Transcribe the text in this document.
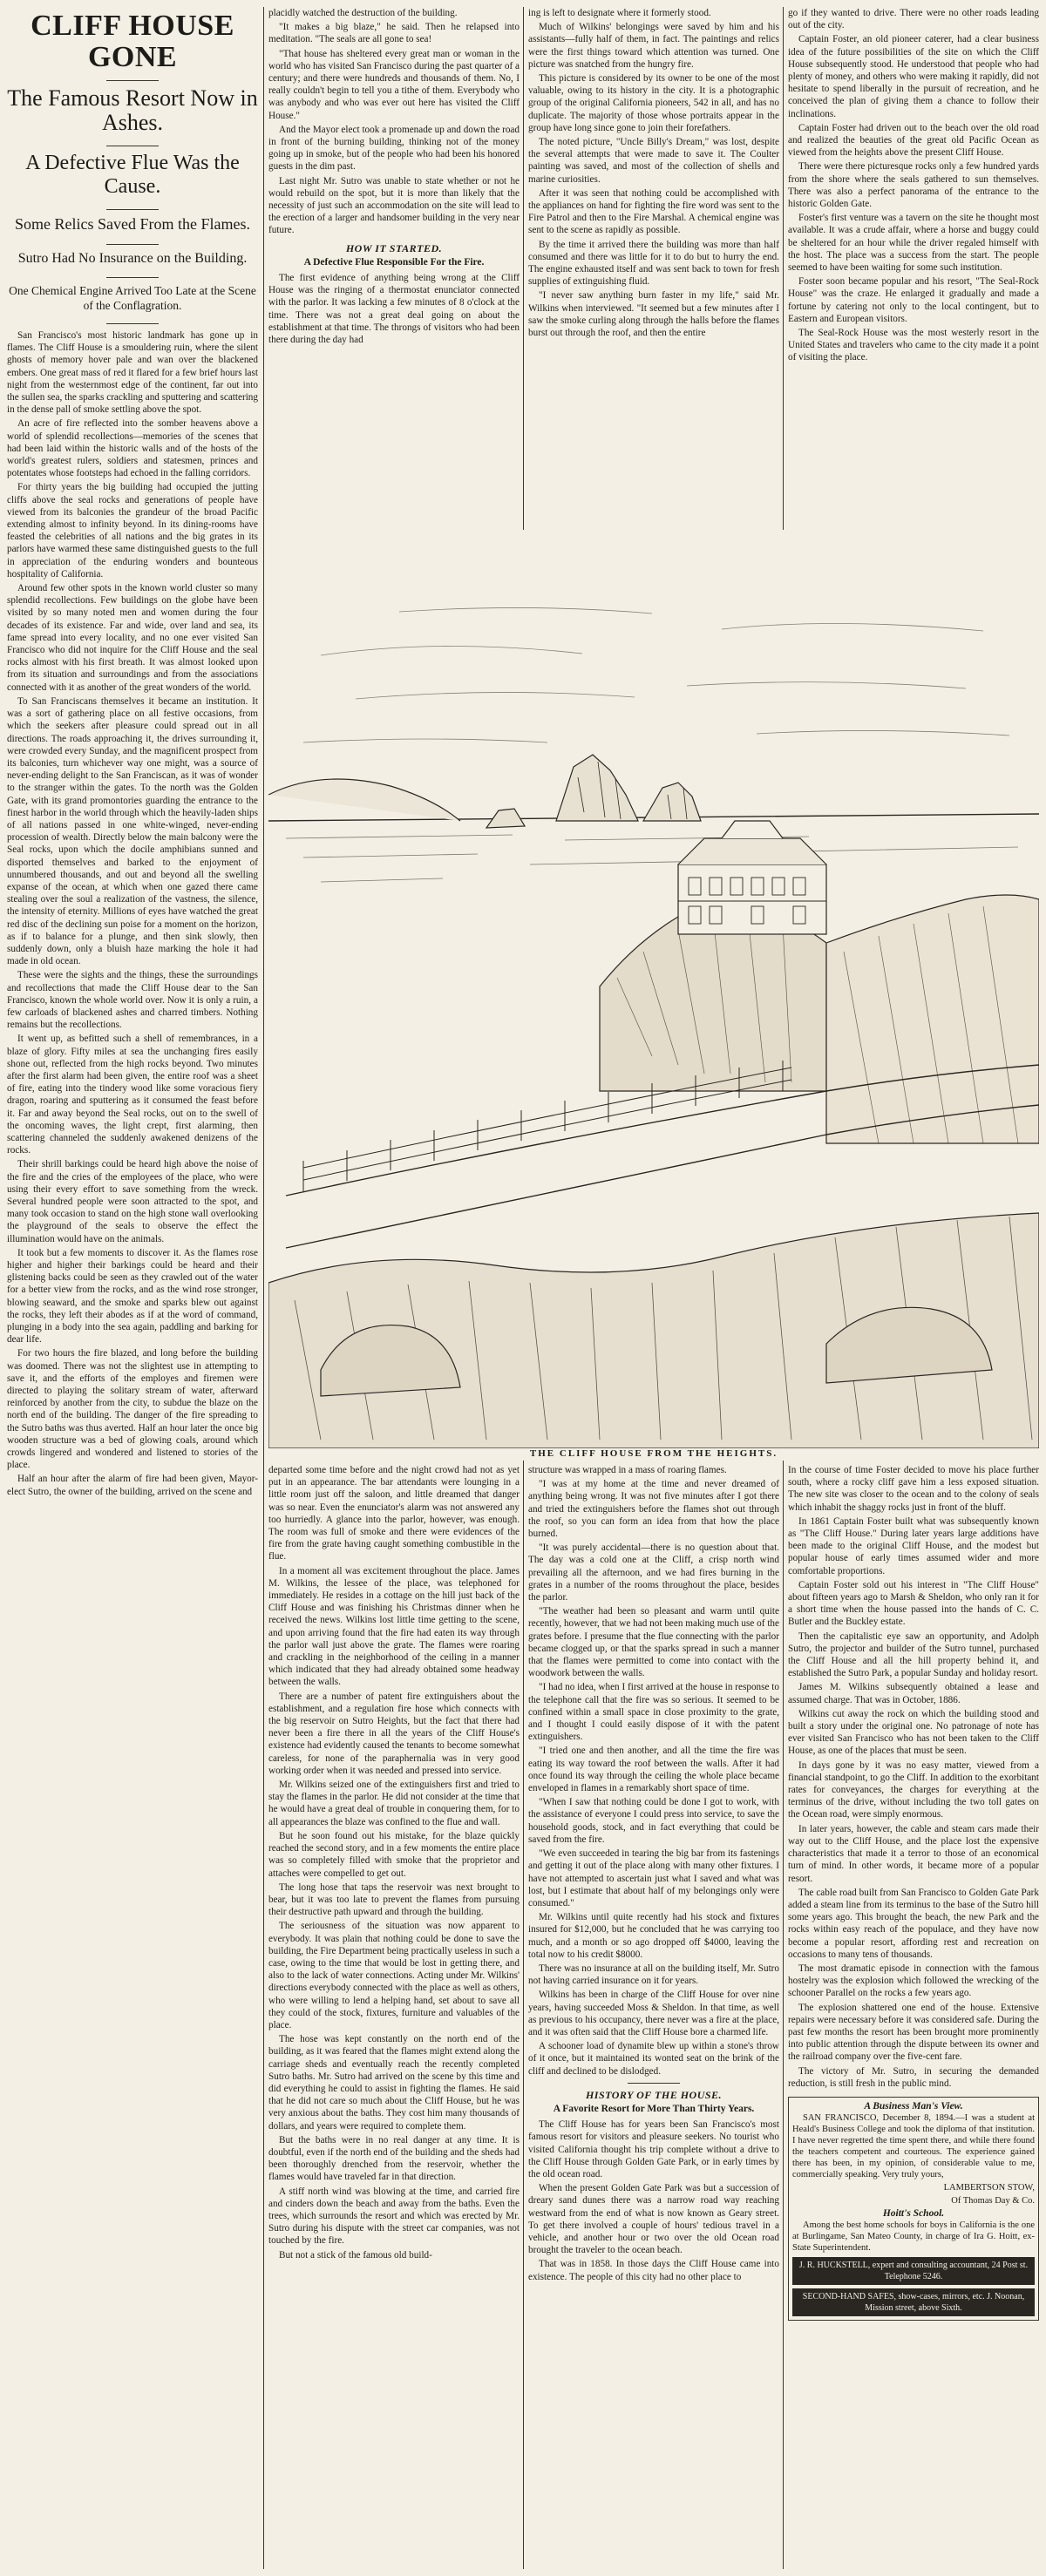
CLIFF HOUSE GONE
The Famous Resort Now in Ashes.
A Defective Flue Was the Cause.
Some Relics Saved From the Flames.
Sutro Had No Insurance on the Building.
One Chemical Engine Arrived Too Late at the Scene of the Conflagration.

San Francisco's most historic landmark has gone up in flames. The Cliff House is a smouldering ruin, where the silent ghosts of memory hover pale and wan over the blackened embers. One great mass of red it flared for a few brief hours last night from the westernmost edge of the continent, far out into the sullen sea, the sparks crackling and sputtering and scattering in the dense pall of smoke settling above the spot.

An acre of fire reflected into the somber heavens above a world of splendid recollections—memories of the scenes that had been laid within the historic walls and of the hosts of the world's greatest rulers, soldiers and statesmen, princes and potentates whose footsteps had echoed in the falling corridors.

For thirty years the big building had occupied the jutting cliffs above the seal rocks and generations of people have viewed from its balconies the grandeur of the broad Pacific extending almost to infinity beyond. In its dining-rooms have feasted the celebrities of all nations and the big grates in its parlors have warmed these same distinguished guests to the full in appreciation of the enduring wonders and bounteous hospitality of California.

Around few other spots in the known world cluster so many splendid recollections. Few buildings on the globe have been visited by so many noted men and women during the four decades of its existence. Far and wide, over land and sea, its fame spread into every locality, and no one ever visited San Francisco who did not inquire for the Cliff House and the seal rocks almost with his first breath. It was almost looked upon from its situation and surroundings and from the associations connected with it as another of the great wonders of the world.

To San Franciscans themselves it became an institution. It was a sort of gathering place on all festive occasions, from which the seekers after pleasure could spread out in all directions. The roads approaching it, the drives surrounding it, were crowded every Sunday, and the magnificent prospect from its balconies, turn whichever way one might, was a source of never-ending delight to the San Franciscan, as it was of wonder to the stranger within the gates. To the north was the Golden Gate, with its grand promontories guarding the entrance to the finest harbor in the world through which the heavily-laden ships of all nations passed in one white-winged, never-ending procession of wealth. Directly below the main balcony were the Seal rocks, upon which the docile amphibians sunned and disported themselves and barked to the enjoyment of unnumbered thousands, and out and beyond all the swelling expanse of the ocean, at which when one gazed there came stealing over the soul a realization of the vastness, the silence, the intensity of eternity. Millions of eyes have watched the great red disc of the declining sun poise for a moment on the horizon, as if to balance for a plunge, and then sink slowly, then suddenly down, only a bluish haze marking the hole it had made in old ocean.

These were the sights and the things, these the surroundings and recollections that made the Cliff House dear to the San Francisco, known the whole world over. Now it is only a ruin, a few carloads of blackened ashes and charred timbers. Nothing remains but the recollections.

It went up, as befitted such a shell of remembrances, in a blaze of glory. Fifty miles at sea the unchanging fires easily shone out, reflected from the high rocks beyond. Two minutes after the first alarm had been given, the entire roof was a sheet of fire, eating into the tindery wood like some voracious fiery dragon, roaring and sputtering as it consumed the feast before it. Far and away beyond the Seal rocks, out on to the swell of the oncoming waves, the light crept, first alarming, then scattering channeled the suddenly awakened denizens of the rocks.

Their shrill barkings could be heard high above the noise of the fire and the cries of the employees of the place, who were using their every effort to save something from the wreck. Several hundred people were soon attracted to the spot, and many took occasion to stand on the high stone wall overlooking the playground of the seals to observe the effect the illumination would have on the animals.

It took but a few moments to discover it. As the flames rose higher and higher their barkings could be heard and their glistening backs could be seen as they crawled out of the water for a better view from the rocks, and as the wind rose stronger, blowing seaward, and the smoke and sparks blew out against the rocks, they left their abodes as if at the word of command, plunging in a body into the sea again, paddling and barking for dear life.

For two hours the fire blazed, and long before the building was doomed. There was not the slightest use in attempting to save it, and the efforts of the employes and firemen were directed to playing the solitary stream of water, afterward reinforced by another from the city, to subdue the blaze on the north end of the building. The danger of the fire spreading to the Sutro baths was thus averted. Half an hour later the once big wooden structure was a bed of glowing coals, around which crowds lingered and wondered and listened to stories of the place.

Half an hour after the alarm of fire had been given, Mayor-elect Sutro, the owner of the building, arrived on the scene and

placidly watched the destruction of the building.

"It makes a big blaze," he said. Then he relapsed into meditation. "The seals are all gone to sea!

"That house has sheltered every great man or woman in the world who has visited San Francisco during the past quarter of a century; and there were hundreds and thousands of them. No, I really couldn't begin to tell you a tithe of them. Everybody who was anybody and who was ever out here has visited the Cliff House."

And the Mayor elect took a promenade up and down the road in front of the burning building, thinking not of the money going up in smoke, but of the people who had been his honored guests in the dim past.

Last night Mr. Sutro was unable to state whether or not he would rebuild on the spot, but it is more than likely that the necessity of just such an accommodation on the site will lead to the erection of a larger and handsomer building in the very near future.

HOW IT STARTED.
A Defective Flue Responsible For the Fire.

The first evidence of anything being wrong at the Cliff House was the ringing of a thermostat enunciator connected with the parlor. It was lacking a few minutes of 8 o'clock at the time. There was not a great deal going on about the establishment at that time. The throngs of visitors who had been there during the day had

ing is left to designate where it formerly stood.

Much of Wilkins' belongings were saved by him and his assistants—fully half of them, in fact. The paintings and relics were the first things toward which attention was turned. One picture was snatched from the hungry fire.

This picture is considered by its owner to be one of the most valuable, owing to its history in the city. It is a photographic group of the original California pioneers, 542 in all, and has no duplicate. The majority of those whose portraits appear in the group have long since gone to join their forefathers.

The noted picture, "Uncle Billy's Dream," was lost, despite the several attempts that were made to save it. The Coulter painting was saved, and most of the collection of shells and marine curiosities.

After it was seen that nothing could be accomplished with the appliances on hand for fighting the fire word was sent to the Fire Patrol and then to the Fire Marshal. A chemical engine was sent to the scene as rapidly as possible.

By the time it arrived there the building was more than half consumed and there was little for it to do but to hurry the end. The engine exhausted itself and was sent back to town for fresh supplies of extinguishing fluid.

"I never saw anything burn faster in my life," said Mr. Wilkins when interviewed. "It seemed but a few minutes after I saw the smoke curling along through the halls before the flames burst out through the roof, and then the entire

go if they wanted to drive. There were no other roads leading out of the city.

Captain Foster, an old pioneer caterer, had a clear business idea of the future possibilities of the site on which the Cliff House subsequently stood. He understood that people who had plenty of money, and others who were making it rapidly, did not hesitate to spend liberally in the pursuit of recreation, and he conceived the plan of giving them a chance to follow their inclinations.

Captain Foster had driven out to the beach over the old road and realized the beauties of the great old Pacific Ocean as viewed from the heights above the present Cliff House.

There were there picturesque rocks only a few hundred yards from the shore where the seals gathered to sun themselves. There was also a perfect panorama of the entrance to the historic Golden Gate.

Foster's first venture was a tavern on the site he thought most available. It was a crude affair, where a horse and buggy could be sheltered for an hour while the driver regaled himself with the host. The place was a success from the start. The people seemed to have been waiting for some such institution.

Foster soon became popular and his resort, "The Seal-Rock House" was the craze. He enlarged it gradually and made a fortune by catering not only to the local contingent, but to Eastern and European visitors.

The Seal-Rock House was the most westerly resort in the United States and travelers who came to the city made it a point of visiting the place.

THE CLIFF HOUSE FROM THE HEIGHTS.

departed some time before and the night crowd had not as yet put in an appearance. The bar attendants were lounging in a little room just off the saloon, and little dreamed that danger was so near. Even the enunciator's alarm was not answered any too hurriedly. A glance into the parlor, however, was enough. The room was full of smoke and there were evidences of the fire from the grate having caught something combustible in the flue.

In a moment all was excitement throughout the place. James M. Wilkins, the lessee of the place, was telephoned for immediately. He resides in a cottage on the hill just back of the Cliff House and was finishing his Christmas dinner when he received the news. Wilkins lost little time getting to the scene, and upon arriving found that the fire had eaten its way through the parlor wall just above the grate. The flames were roaring and crackling in the neighborhood of the ceiling in a manner which indicated that they had already obtained some headway between the walls.

There are a number of patent fire extinguishers about the establishment, and a regulation fire hose which connects with the big reservoir on Sutro Heights, but the fact that there had never been a fire there in all the years of the Cliff House's existence had evidently caused the tenants to become somewhat careless, for none of the paraphernalia was in very good working order when it was needed and pressed into service.

Mr. Wilkins seized one of the extinguishers first and tried to stay the flames in the parlor. He did not consider at the time that he would have a great deal of trouble in conquering them, for to all appearances the blaze was confined to the flue and wall.

But he soon found out his mistake, for the blaze quickly reached the second story, and in a few moments the entire place was so completely filled with smoke that the proprietor and attaches were compelled to get out.

The long hose that taps the reservoir was next brought to bear, but it was too late to prevent the flames from pursuing their destructive path upward and through the building.

The seriousness of the situation was now apparent to everybody. It was plain that nothing could be done to save the building, the Fire Department being practically useless in such a case, owing to the time that would be lost in getting there, and also to the lack of water connections. Acting under Mr. Wilkins' directions everybody connected with the place as well as others, who were willing to lend a helping hand, set about to save all they could of the stock, fixtures, furniture and valuables of the place.

The hose was kept constantly on the north end of the building, as it was feared that the flames might extend along the carriage sheds and eventually reach the recently completed Sutro baths. Mr. Sutro had arrived on the scene by this time and did everything he could to assist in fighting the flames. He said that he did not care so much about the Cliff House, but he was very anxious about the baths. They cost him many thousands of dollars, and years were required to complete them.

But the baths were in no real danger at any time. It is doubtful, even if the north end of the building and the sheds had been thoroughly drenched from the reservoir, whether the flames would have traveled far in that direction.

A stiff north wind was blowing at the time, and carried fire and cinders down the beach and away from the baths. Even the trees, which surrounds the resort and which was erected by Mr. Sutro during his dispute with the street car companies, was not touched by the fire.

But not a stick of the famous old build-

structure was wrapped in a mass of roaring flames.

"I was at my home at the time and never dreamed of anything being wrong. It was not five minutes after I got there and tried the extinguishers before the flames shot out through the roof, so you can form an idea from that how the place burned.

"It was purely accidental—there is no question about that. The day was a cold one at the Cliff, a crisp north wind prevailing all the afternoon, and we had fires burning in the grates in a number of the rooms throughout the place, besides the parlor.

"The weather had been so pleasant and warm until quite recently, however, that we had not been making much use of the grates before. I presume that the flue connecting with the parlor became clogged up, or that the sparks spread in such a manner that the flames were permitted to come into contact with the woodwork between the walls.

"I had no idea, when I first arrived at the house in response to the telephone call that the fire was so serious. It seemed to be confined within a small space in close proximity to the grate, and I thought I could easily dispose of it with the patent extinguishers.

"I tried one and then another, and all the time the fire was eating its way toward the roof between the walls. After it had once found its way through the ceiling the whole place became enveloped in flames in a remarkably short space of time.

"When I saw that nothing could be done I got to work, with the assistance of everyone I could press into service, to save the household goods, stock, and in fact everything that could be saved from the fire.

"We even succeeded in tearing the big bar from its fastenings and getting it out of the place along with many other fixtures. I have not attempted to ascertain just what I saved and what was lost, but I estimate that about half of my belongings only were consumed."

Mr. Wilkins until quite recently had his stock and fixtures insured for $12,000, but he concluded that he was carrying too much, and a month or so ago dropped off $4000, leaving the total now to his credit $8000.

There was no insurance at all on the building itself, Mr. Sutro not having carried insurance on it for years.

Wilkins has been in charge of the Cliff House for over nine years, having succeeded Moss & Sheldon. In that time, as well as previous to his occupancy, there never was a fire at the place, and it was often said that the Cliff House bore a charmed life.

A schooner load of dynamite blew up within a stone's throw of it once, but it maintained its wonted seat on the brink of the cliff and declined to be dislodged.

HISTORY OF THE HOUSE.
A Favorite Resort for More Than Thirty Years.

The Cliff House has for years been San Francisco's most famous resort for visitors and pleasure seekers. No tourist who visited California thought his trip complete without a drive to the Cliff House through Golden Gate Park, or in early times by the old ocean road.

When the present Golden Gate Park was but a succession of dreary sand dunes there was a narrow road way reaching westward from the end of what is now known as Geary street. To get there involved a couple of hours' tedious travel in a vehicle, and another hour or two over the old Ocean road brought the traveler to the ocean beach.

That was in 1858. In those days the Cliff House came into existence. The people of this city had no other place to

In the course of time Foster decided to move his place further south, where a rocky cliff gave him a less exposed situation. The new site was closer to the ocean and to the colony of seals which inhabit the shaggy rocks just in front of the bluff.

In 1861 Captain Foster built what was subsequently known as "The Cliff House." During later years large additions have been made to the original Cliff House, and the modest but popular house of early times assumed wider and more comfortable proportions.

Captain Foster sold out his interest in "The Cliff House" about fifteen years ago to Marsh & Sheldon, who only ran it for a short time when the house passed into the hands of C. C. Butler and the Buckley estate.

Then the capitalistic eye saw an opportunity, and Adolph Sutro, the projector and builder of the Sutro tunnel, purchased the Cliff House and all the hill property behind it, and established the Sutro Park, a popular Sunday and holiday resort.

James M. Wilkins subsequently obtained a lease and assumed charge. That was in October, 1886.

Wilkins cut away the rock on which the building stood and built a story under the original one. No patronage of note has ever visited San Francisco who has not been taken to the Cliff House, as one of the places that must be seen.

In days gone by it was no easy matter, viewed from a financial standpoint, to go the Cliff. In addition to the exorbitant rates for conveyances, the charges for everything at the terminus of the drive, without including the two toll gates on the Ocean road, were simply enormous.

In later years, however, the cable and steam cars made their way out to the Cliff House, and the place lost the expensive characteristics that made it a terror to those of an economical turn of mind. In other words, it became more of a popular resort.

The cable road built from San Francisco to Golden Gate Park added a steam line from its terminus to the base of the Sutro hill some years ago. This brought the beach, the new Park and the rocks within easy reach of the populace, and they have now become a popular resort, affording rest and recreation on occasions to many tens of thousands.

The most dramatic episode in connection with the famous hostelry was the explosion which followed the wrecking of the schooner Parallel on the rocks a few years ago.

The explosion shattered one end of the house. Extensive repairs were necessary before it was considered safe. During the past few months the resort has been brought more prominently into public attention through the dispute between its owner and the railroad company over the five-cent fare.

The victory of Mr. Sutro, in securing the demanded reduction, is still fresh in the public mind.

A Business Man's View.

SAN FRANCISCO, December 8, 1894.—I was a student at Heald's Business College and took the diploma of that institution. I have never regretted the time spent there, and while there found the teachers competent and courteous. The experience gained there has been, in my opinion, of considerable value to me, commercially speaking. Very truly yours,

LAMBERTSON STOW,
Of Thomas Day & Co.
Hoitt's School.

Among the best home schools for boys in California is the one at Burlingame, San Mateo County, in charge of Ira G. Hoitt, ex-State Superintendent.

J. R. HUCKSTELL, expert and consulting accountant, 24 Post st. Telephone 5246.
SECOND-HAND SAFES, show-cases, mirrors, etc. J. Noonan, Mission street, above Sixth.
